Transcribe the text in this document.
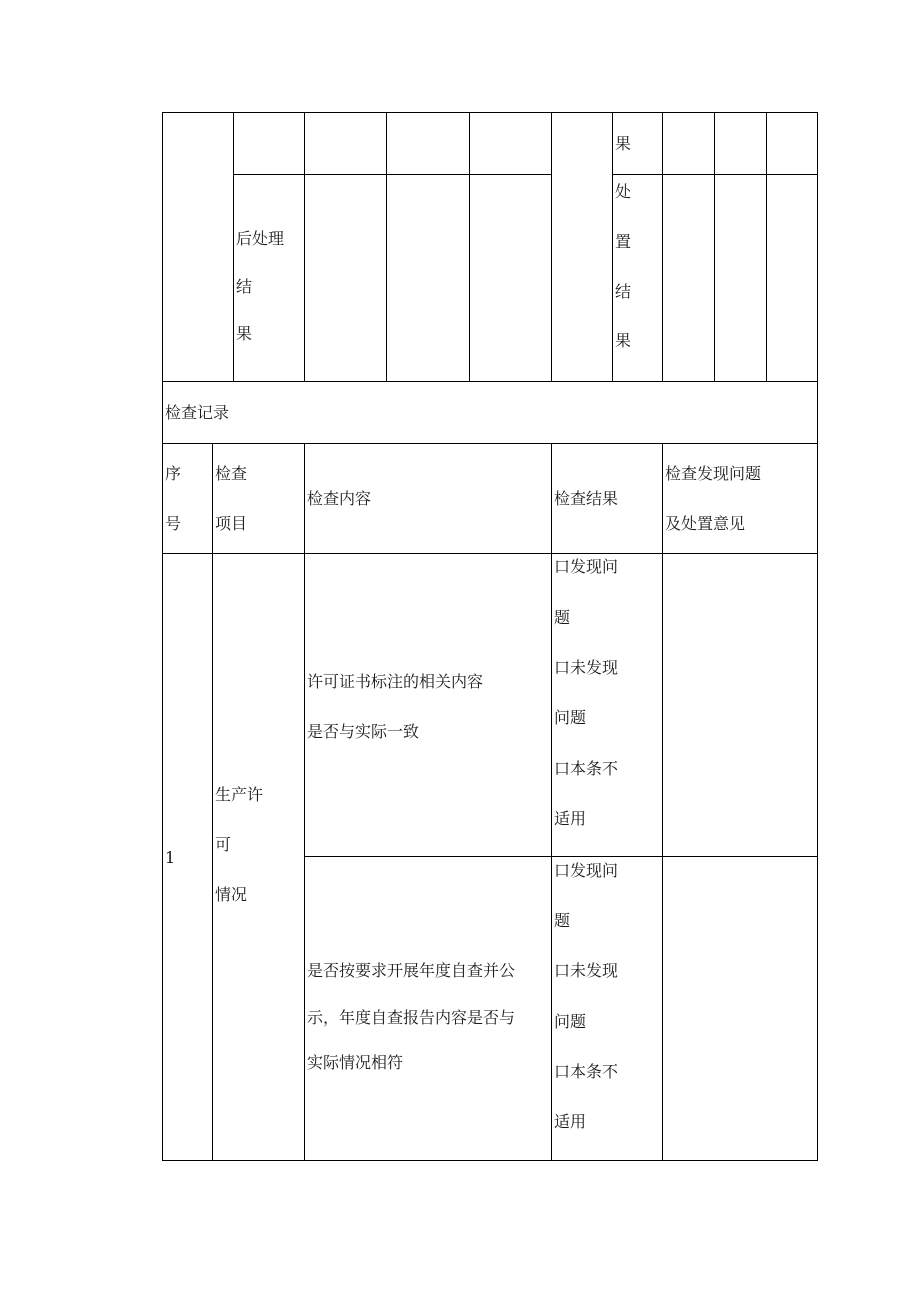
果
后处理
结
果
处
置
结
果
检查记录
序
号
检查
项目
检查内容	检查结果
检查发现问题
及处置意见
1
生产许
可
情况
许可证书标注的相关内容
是否与实际一致
口发现问
题
口未发现
问题
口本条不
适用
是否按要求开展年度自查并公
示，年度自查报告内容是否与
实际情况相符
口发现问
题
口未发现
问题
口本条不
适用
